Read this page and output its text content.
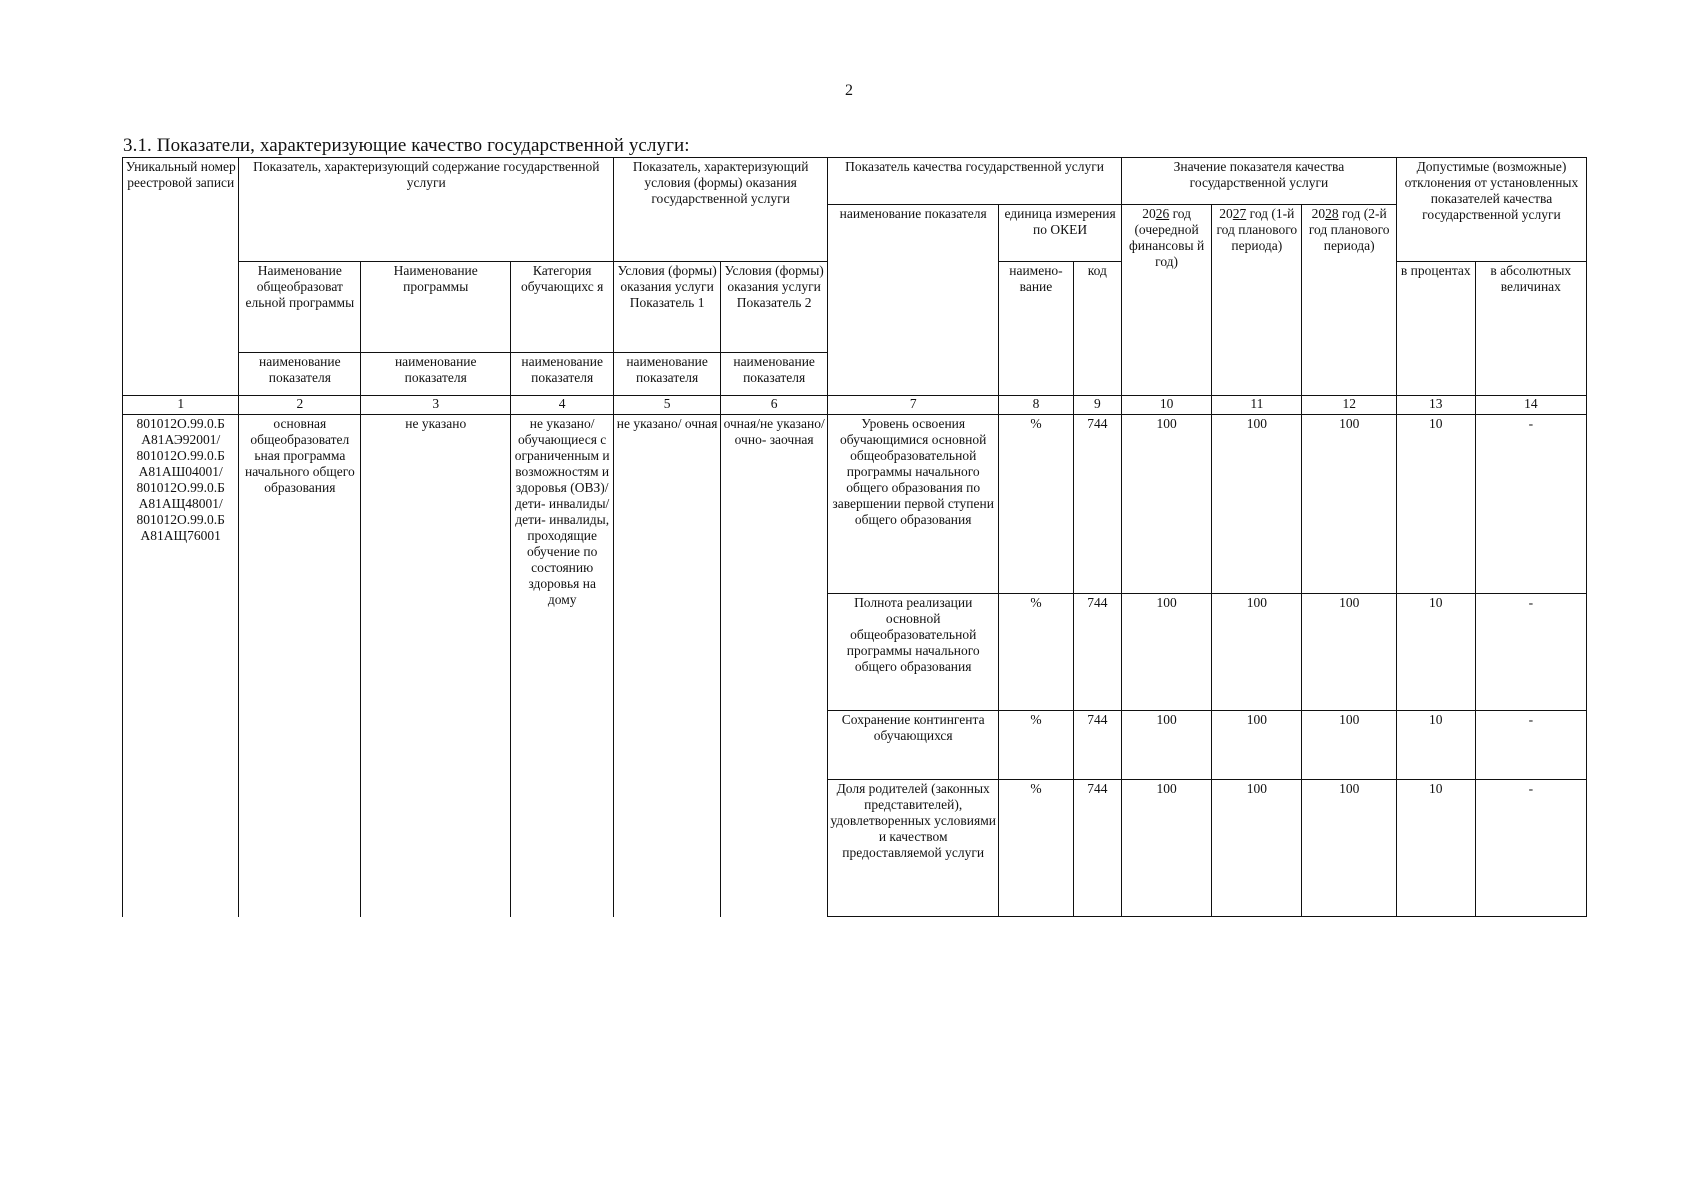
2
3.1. Показатели, характеризующие качество государственной услуги:
Уникальный номер реестровой записи	Показатель, характеризующий содержание государственной услуги			Показатель, характеризующий условия (формы) оказания государственной услуги		Показатель качества государственной услуги			Значение показателя качества государственной услуги			Допустимые (возможные) отклонения от установленных показателей качества государственной услуги	
						наименование показателя	единица измерения по ОКЕИ		2026 год (очередной финансовы й год)	2027 год (1-й год планового периода)	2028 год (2-й год планового периода)		
	Наименование общеобразоват ельной программы	Наименование программы	Категория обучающихс я	Условия (формы) оказания услуги Показатель 1	Условия (формы) оказания услуги Показатель 2		наимено- вание	код				в процентах	в абсолютных величинах
	наименование показателя	наименование показателя	наименование показателя	наименование показателя	наименование показателя								
1	2	3	4	5	6	7	8	9	10	11	12	13	14
801012О.99.0.Б А81АЭ92001/ 801012О.99.0.Б А81АШ04001/ 801012О.99.0.Б А81АЩ48001/ 801012О.99.0.Б А81АЩ76001	основная общеобразовател ьная программа начального общего образования	не указано	не указано/ обучающиеся с ограниченным и возможностям и здоровья (ОВЗ)/ дети- инвалиды/ дети- инвалиды, проходящие обучение по состоянию здоровья на дому	не указано/ очная	очная/не указано/ очно- заочная	Уровень освоения обучающимися основной общеобразовательной программы начального общего образования по завершении первой ступени общего образования	%	744	100	100	100	10	-
						Полнота реализации основной общеобразовательной программы начального общего образования	%	744	100	100	100	10	-
						Сохранение контингента обучающихся	%	744	100	100	100	10	-
						Доля родителей (законных представителей), удовлетворенных условиями и качеством предоставляемой услуги	%	744	100	100	100	10	-
